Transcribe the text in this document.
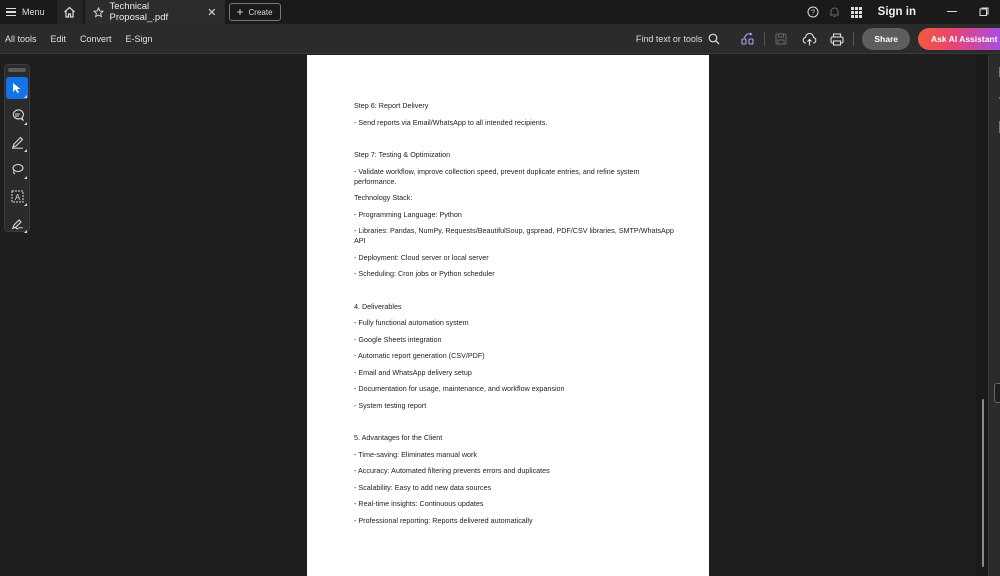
Menu	Technical Proposal_.pdf	✕ + Create	?	Sign in
All tools	Edit	Convert	E-Sign	Find text or tools	Share	Ask AI Assistant
A

Step 6: Report Delivery

- Send reports via Email/WhatsApp to all intended recipients.

Step 7: Testing & Optimization

- Validate workflow, improve collection speed, prevent duplicate entries, and refine system performance.

Technology Stack:

- Programming Language: Python

- Libraries: Pandas, NumPy, Requests/BeautifulSoup, gspread, PDF/CSV libraries, SMTP/WhatsApp API

- Deployment: Cloud server or local server

- Scheduling: Cron jobs or Python scheduler

4. Deliverables

- Fully functional automation system

- Google Sheets integration

- Automatic report generation (CSV/PDF)

- Email and WhatsApp delivery setup

- Documentation for usage, maintenance, and workflow expansion

- System testing report

5. Advantages for the Client

- Time-saving: Eliminates manual work

- Accuracy: Automated filtering prevents errors and duplicates

- Scalability: Easy to add new data sources

- Real-time insights: Continuous updates

- Professional reporting: Reports delivered automatically
